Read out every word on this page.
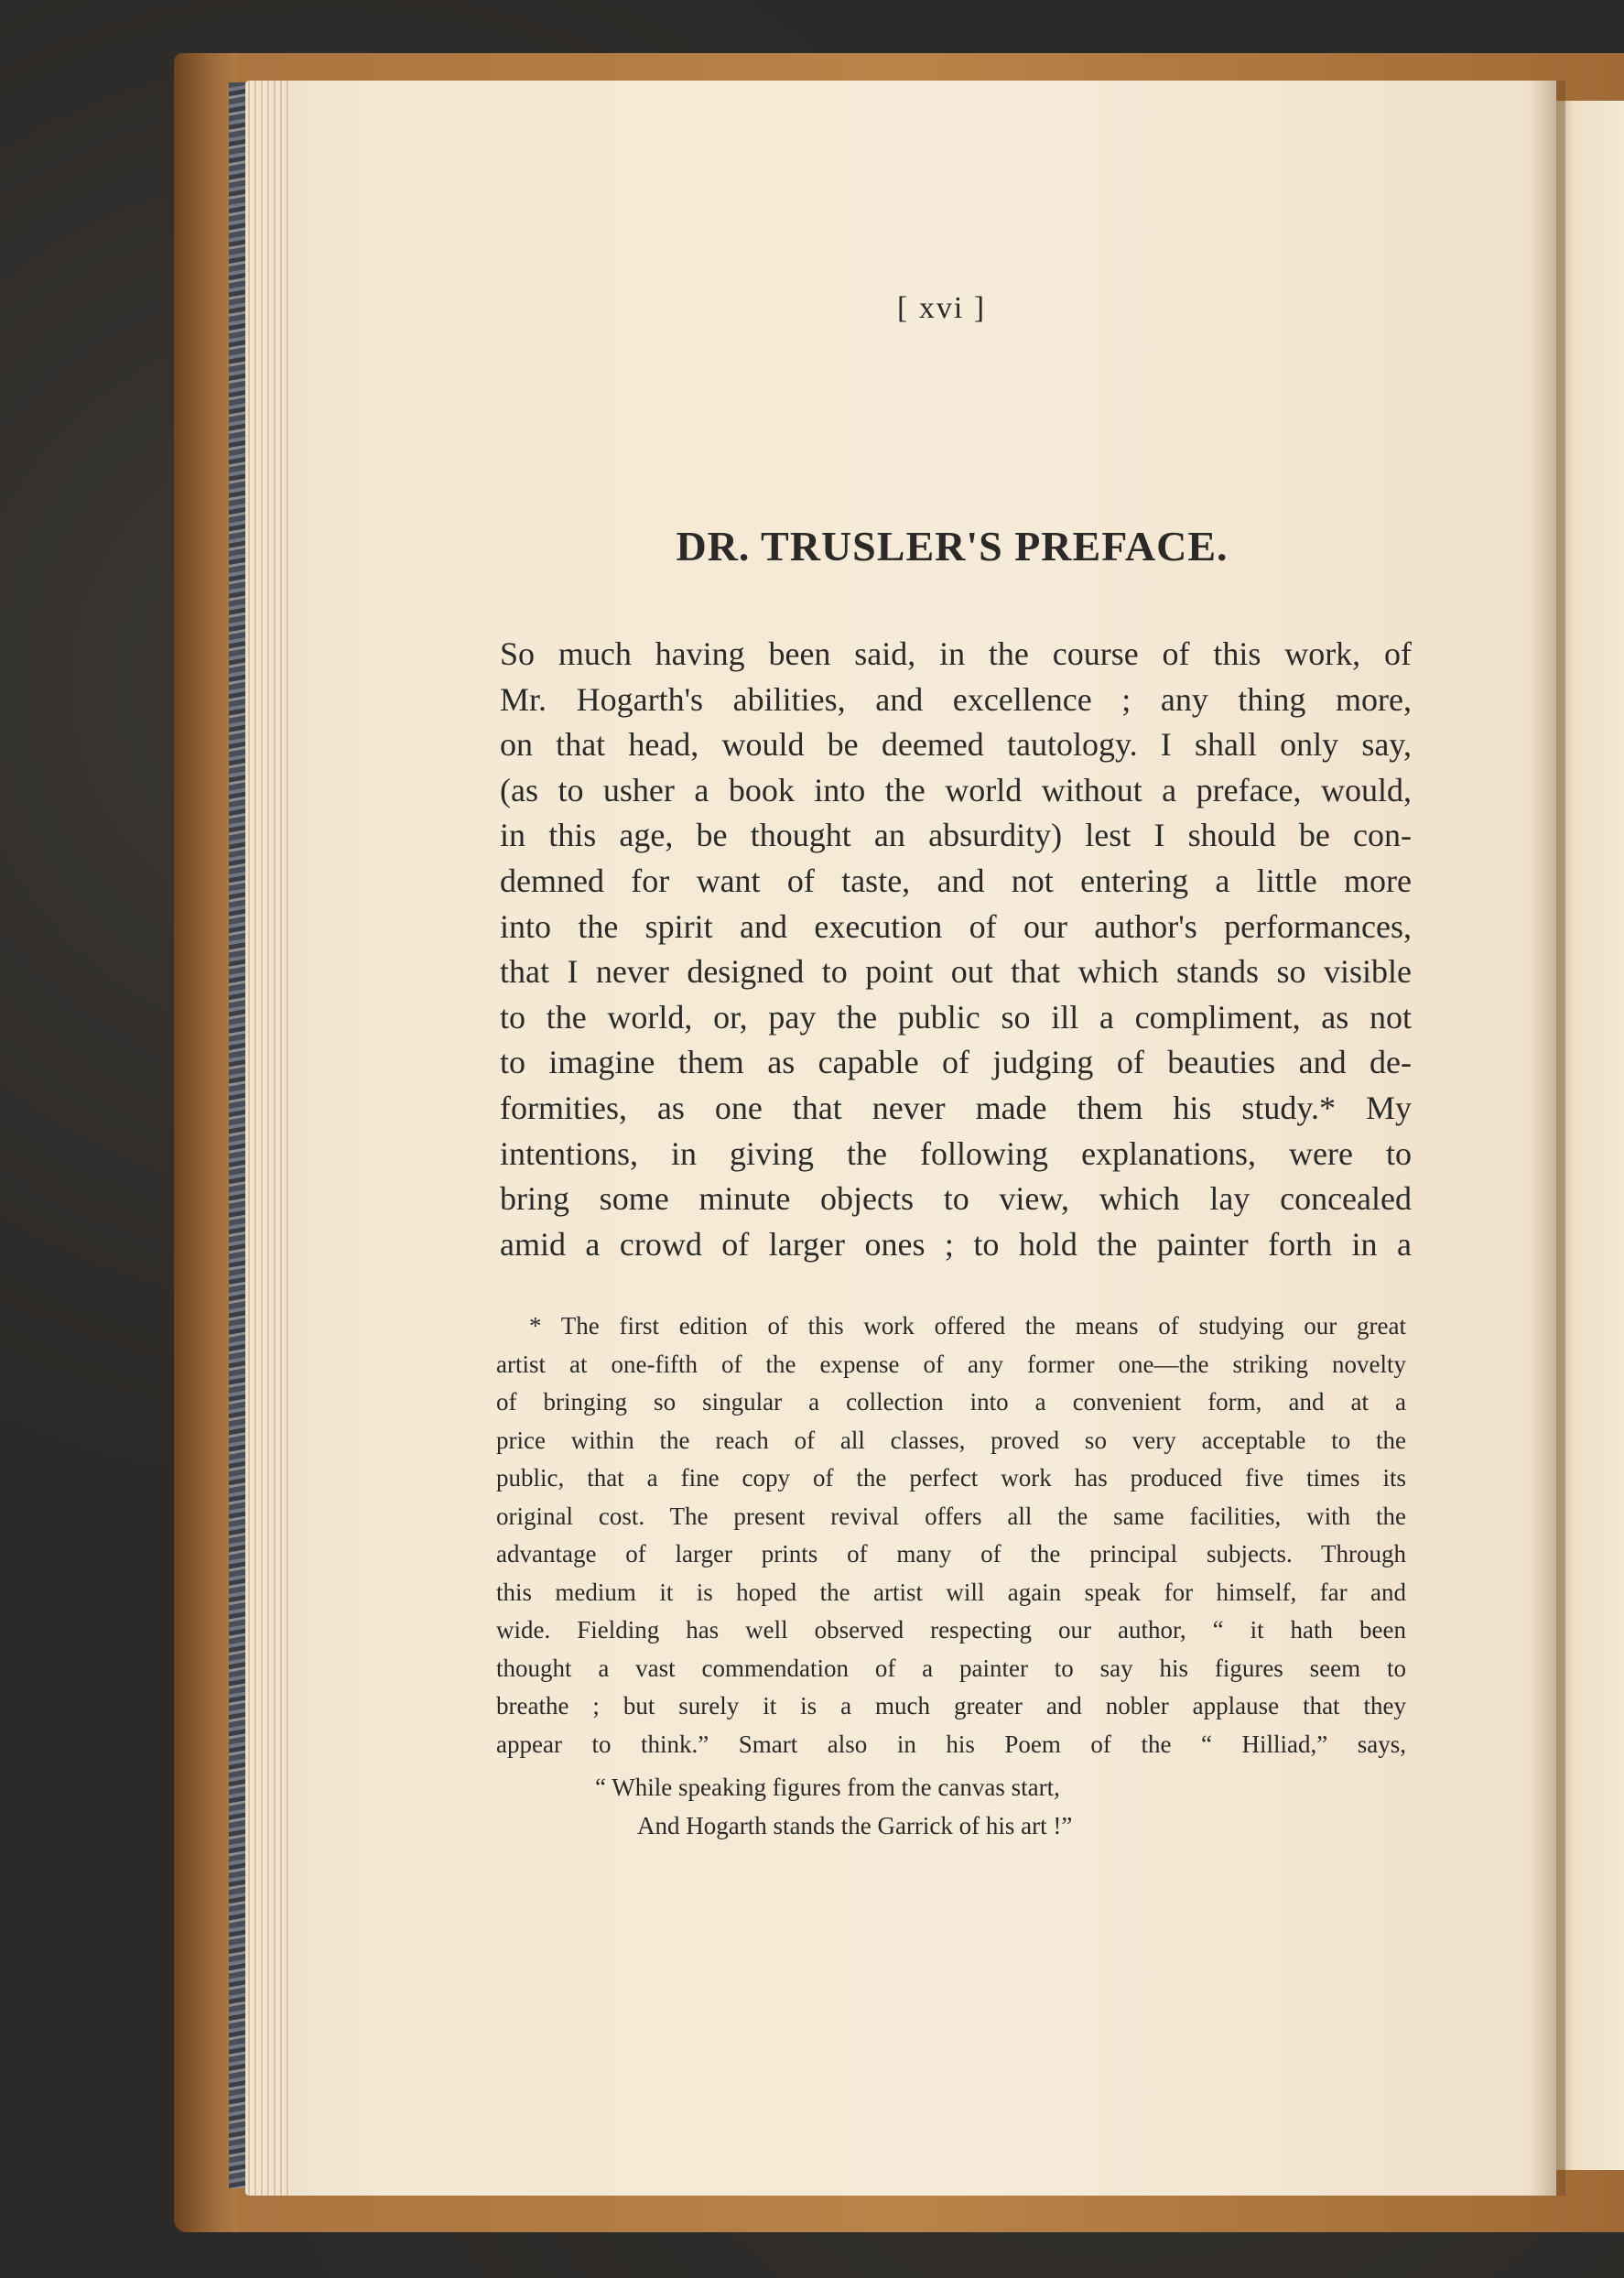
[ xvi ]
DR. TRUSLER'S PREFACE.
So much having been said, in the course of this work, of
Mr. Hogarth's abilities, and excellence ; any thing more,
on that head, would be deemed tautology. I shall only say,
(as to usher a book into the world without a preface, would,
in this age, be thought an absurdity) lest I should be con-
demned for want of taste, and not entering a little more
into the spirit and execution of our author's performances,
that I never designed to point out that which stands so visible
to the world, or, pay the public so ill a compliment, as not
to imagine them as capable of judging of beauties and de-
formities, as one that never made them his study.* My
intentions, in giving the following explanations, were to
bring some minute objects to view, which lay concealed
amid a crowd of larger ones ; to hold the painter forth in a
* The first edition of this work offered the means of studying our great
artist at one-fifth of the expense of any former one—the striking novelty
of bringing so singular a collection into a convenient form, and at a
price within the reach of all classes, proved so very acceptable to the
public, that a fine copy of the perfect work has produced five times its
original cost. The present revival offers all the same facilities, with the
advantage of larger prints of many of the principal subjects. Through
this medium it is hoped the artist will again speak for himself, far and
wide. Fielding has well observed respecting our author, “ it hath been
thought a vast commendation of a painter to say his figures seem to
breathe ; but surely it is a much greater and nobler applause that they
appear to think.” Smart also in his Poem of the “ Hilliad,” says,
“ While speaking figures from the canvas start,
And Hogarth stands the Garrick of his art !”
